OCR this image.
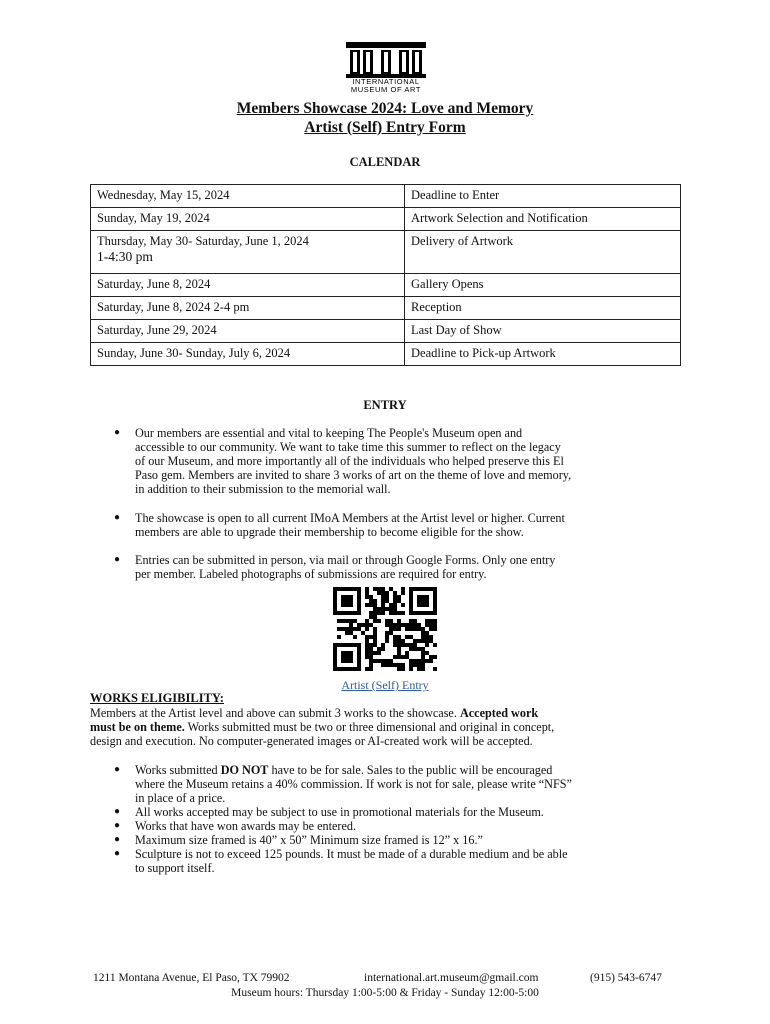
INTERNATIONAL
MUSEUM OF ART
Members Showcase 2024: Love and Memory
Artist (Self) Entry Form
CALENDAR
Wednesday, May 15, 2024	Deadline to Enter
Sunday, May 19, 2024	Artwork Selection and Notification

Thursday, May 30- Saturday, June 1, 2024
1-4:30 pm	Delivery of Artwork
Saturday, June 8, 2024	Gallery Opens
Saturday, June 8, 2024 2-4 pm	Reception
Saturday, June 29, 2024	Last Day of Show
Sunday, June 30- Sunday, July 6, 2024	Deadline to Pick-up Artwork
ENTRY
● Our members are essential and vital to keeping The People's Museum open and
accessible to our community. We want to take time this summer to reflect on the legacy
of our Museum, and more importantly all of the individuals who helped preserve this El
Paso gem. Members are invited to share 3 works of art on the theme of love and memory,
in addition to their submission to the memorial wall.
● The showcase is open to all current IMoA Members at the Artist level or higher. Current
members are able to upgrade their membership to become eligible for the show.
● Entries can be submitted in person, via mail or through Google Forms. Only one entry
per member. Labeled photographs of submissions are required for entry.
Artist (Self) Entry
WORKS ELIGIBILITY:
Members at the Artist level and above can submit 3 works to the showcase. Accepted work
must be on theme. Works submitted must be two or three dimensional and original in concept,
design and execution. No computer-generated images or AI-created work will be accepted.
● Works submitted DO NOT have to be for sale. Sales to the public will be encouraged
where the Museum retains a 40% commission. If work is not for sale, please write “NFS”
in place of a price.
● All works accepted may be subject to use in promotional materials for the Museum.
● Works that have won awards may be entered.
● Maximum size framed is 40” x 50” Minimum size framed is 12” x 16.”
● Sculpture is not to exceed 125 pounds. It must be made of a durable medium and be able
to support itself.
1211 Montana Avenue, El Paso, TX 79902	international.art.museum@gmail.com	(915) 543-6747
Museum hours: Thursday 1:00-5:00 & Friday - Sunday 12:00-5:00
